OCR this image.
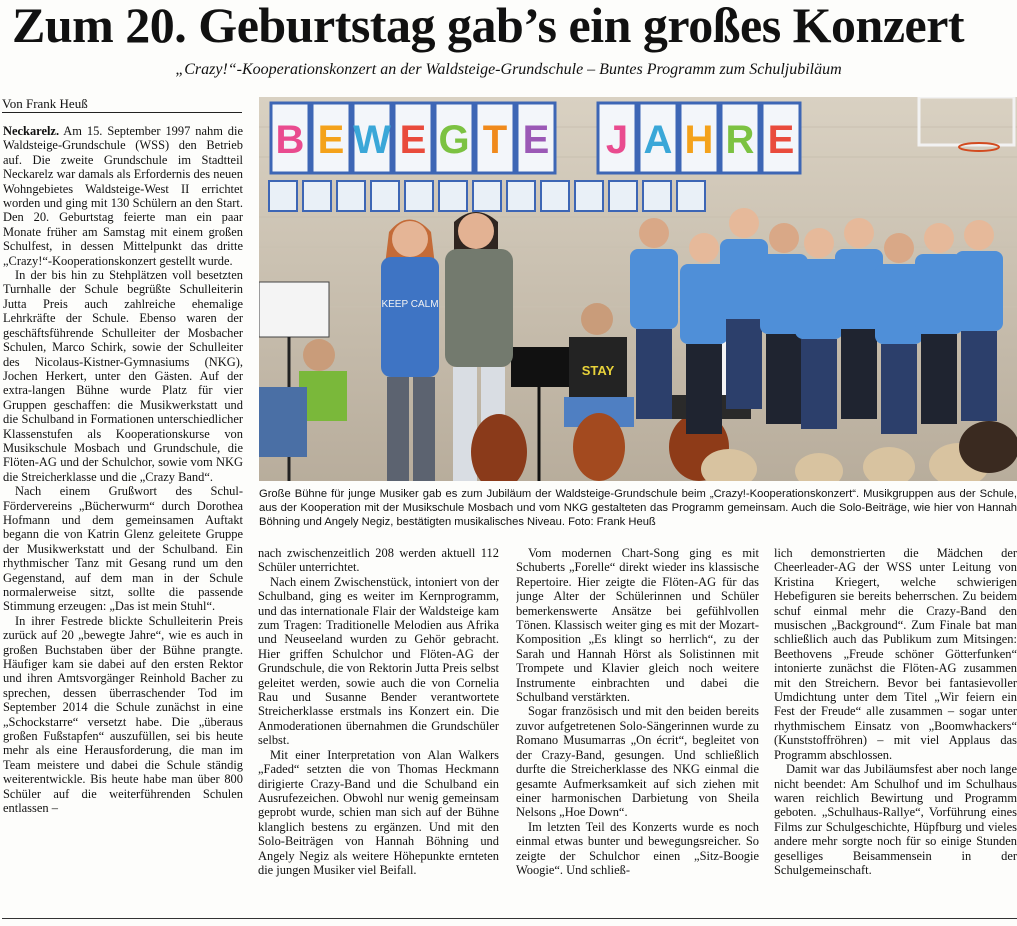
Zum 20. Geburtstag gab’s ein großes Konzert

„Crazy!“-Kooperationskonzert an der Waldsteige-Grundschule – Buntes Programm zum Schuljubiläum

Von Frank Heuß

Neckarelz. Am 15. September 1997 nahm die Waldsteige-Grundschule (WSS) den Betrieb auf. Die zweite Grundschule im Stadtteil Neckarelz war damals als Erfordernis des neuen Wohngebietes Waldsteige-West II errichtet worden und ging mit 130 Schülern an den Start. Den 20. Geburtstag feierte man ein paar Monate früher am Samstag mit einem großen Schulfest, in dessen Mittelpunkt das dritte „Crazy!“-Kooperationskonzert gestellt wurde.

In der bis hin zu Stehplätzen voll besetzten Turnhalle der Schule begrüßte Schulleiterin Jutta Preis auch zahlreiche ehemalige Lehrkräfte der Schule. Ebenso waren der geschäftsführende Schulleiter der Mosbacher Schulen, Marco Schirk, sowie der Schulleiter des Nicolaus-Kistner-Gymnasiums (NKG), Jochen Herkert, unter den Gästen. Auf der extra-langen Bühne wurde Platz für vier Gruppen geschaffen: die Musikwerkstatt und die Schulband in Formationen unterschiedlicher Klassenstufen als Kooperationskurse von Musikschule Mosbach und Grundschule, die Flöten-AG und der Schulchor, sowie vom NKG die Streicherklasse und die „Crazy Band“.

Nach einem Grußwort des Schul-Fördervereins „Bücherwurm“ durch Dorothea Hofmann und dem gemeinsamen Auftakt begann die von Katrin Glenz geleitete Gruppe der Musikwerkstatt und der Schulband. Ein rhythmischer Tanz mit Gesang rund um den Gegenstand, auf dem man in der Schule normalerweise sitzt, sollte die passende Stimmung erzeugen: „Das ist mein Stuhl“.

In ihrer Festrede blickte Schulleiterin Preis zurück auf 20 „bewegte Jahre“, wie es auch in großen Buchstaben über der Bühne prangte. Häufiger kam sie dabei auf den ersten Rektor und ihren Amtsvorgänger Reinhold Bacher zu sprechen, dessen überraschender Tod im September 2014 die Schule zunächst in eine „Schockstarre“ versetzt habe. Die „überaus großen Fußstapfen“ auszufüllen, sei bis heute mehr als eine Herausforderung, die man im Team meistere und dabei die Schule ständig weiterentwickle. Bis heute habe man über 800 Schüler auf die weiterführenden Schulen entlassen –

B E W E G T E J A H R E
KEEP CALM
STAY

Große Bühne für junge Musiker gab es zum Jubiläum der Waldsteige-Grundschule beim „Crazy!-Kooperationskonzert“. Musikgruppen aus der Schule, aus der Kooperation mit der Musikschule Mosbach und vom NKG gestalteten das Programm gemeinsam. Auch die Solo-Beiträge, wie hier von Hannah Böhning und Angely Negiz, bestätigten musikalisches Niveau. Foto: Frank Heuß

nach zwischenzeitlich 208 werden aktuell 112 Schüler unterrichtet.

Nach einem Zwischenstück, intoniert von der Schulband, ging es weiter im Kernprogramm, und das internationale Flair der Waldsteige kam zum Tragen: Traditionelle Melodien aus Afrika und Neuseeland wurden zu Gehör gebracht. Hier griffen Schulchor und Flöten-AG der Grundschule, die von Rektorin Jutta Preis selbst geleitet werden, sowie auch die von Cornelia Rau und Susanne Bender verantwortete Streicherklasse erstmals ins Konzert ein. Die Anmoderationen übernahmen die Grundschüler selbst.

Mit einer Interpretation von Alan Walkers „Faded“ setzten die von Thomas Heckmann dirigierte Crazy-Band und die Schulband ein Ausrufezeichen. Obwohl nur wenig gemeinsam geprobt wurde, schien man sich auf der Bühne klanglich bestens zu ergänzen. Und mit den Solo-Beiträgen von Hannah Böhning und Angely Negiz als weitere Höhepunkte ernteten die jungen Musiker viel Beifall.

Vom modernen Chart-Song ging es mit Schuberts „Forelle“ direkt wieder ins klassische Repertoire. Hier zeigte die Flöten-AG für das junge Alter der Schülerinnen und Schüler bemerkenswerte Ansätze bei gefühlvollen Tönen. Klassisch weiter ging es mit der Mozart-Komposition „Es klingt so herrlich“, zu der Sarah und Hannah Hörst als Solistinnen mit Trompete und Klavier gleich noch weitere Instrumente einbrachten und dabei die Schulband verstärkten.

Sogar französisch und mit den beiden bereits zuvor aufgetretenen Solo-Sängerinnen wurde zu Romano Musumarras „On écrit“, begleitet von der Crazy-Band, gesungen. Und schließlich durfte die Streicherklasse des NKG einmal die gesamte Aufmerksamkeit auf sich ziehen mit einer harmonischen Darbietung von Sheila Nelsons „Hoe Down“.

Im letzten Teil des Konzerts wurde es noch einmal etwas bunter und bewegungsreicher. So zeigte der Schulchor einen „Sitz-Boogie Woogie“. Und schließ-

lich demonstrierten die Mädchen der Cheerleader-AG der WSS unter Leitung von Kristina Kriegert, welche schwierigen Hebefiguren sie bereits beherrschen. Zu beidem schuf einmal mehr die Crazy-Band den musischen „Background“. Zum Finale bat man schließlich auch das Publikum zum Mitsingen: Beethovens „Freude schöner Götterfunken“ intonierte zunächst die Flöten-AG zusammen mit den Streichern. Bevor bei fantasievoller Umdichtung unter dem Titel „Wir feiern ein Fest der Freude“ alle zusammen – sogar unter rhythmischem Einsatz von „Boomwhackers“ (Kunststoffröhren) – mit viel Applaus das Programm abschlossen.

Damit war das Jubiläumsfest aber noch lange nicht beendet: Am Schulhof und im Schulhaus waren reichlich Bewirtung und Programm geboten. „Schulhaus-Rallye“, Vorführung eines Films zur Schulgeschichte, Hüpfburg und vieles andere mehr sorgte noch für so einige Stunden geselliges Beisammensein in der Schulgemeinschaft.
